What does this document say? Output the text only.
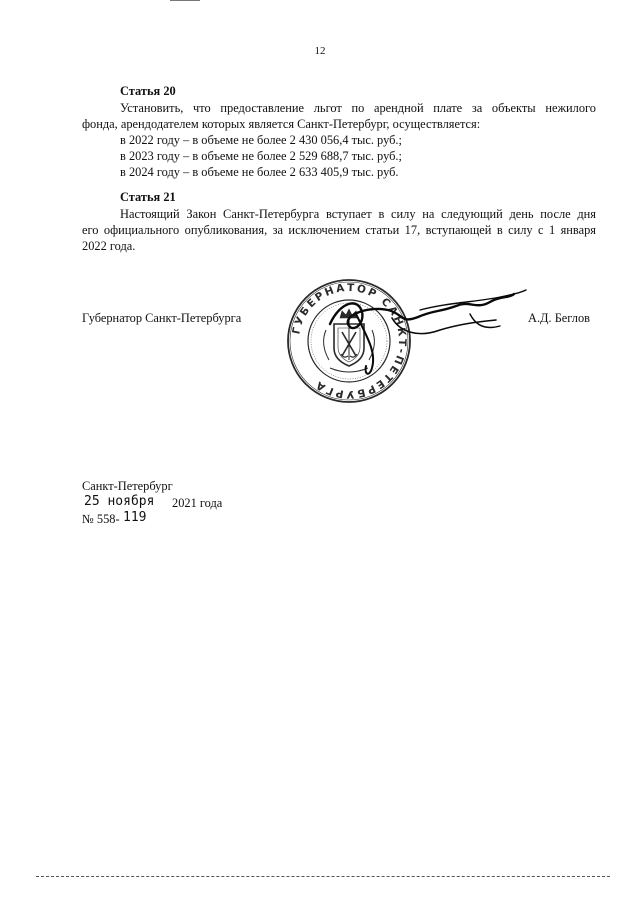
12
Статья 20
Установить, что предоставление льгот по арендной плате за объекты нежилого
фонда, арендодателем которых является Санкт-Петербург, осуществляется:
в 2022 году – в объеме не более 2 430 056,4 тыс. руб.;
в 2023 году – в объеме не более 2 529 688,7 тыс. руб.;
в 2024 году – в объеме не более 2 633 405,9 тыс. руб.
Статья 21
Настоящий Закон Санкт-Петербурга вступает в силу на следующий день после дня
его официального опубликования, за исключением статьи 17, вступающей в силу с 1 января
2022 года.
Губернатор Санкт-Петербурга	А.Д. Беглов
ГУБЕРНАТОР САНКТ-ПЕТЕРБУРГА
Санкт-Петербург
25 ноября 2021 года
№ 558- 119
